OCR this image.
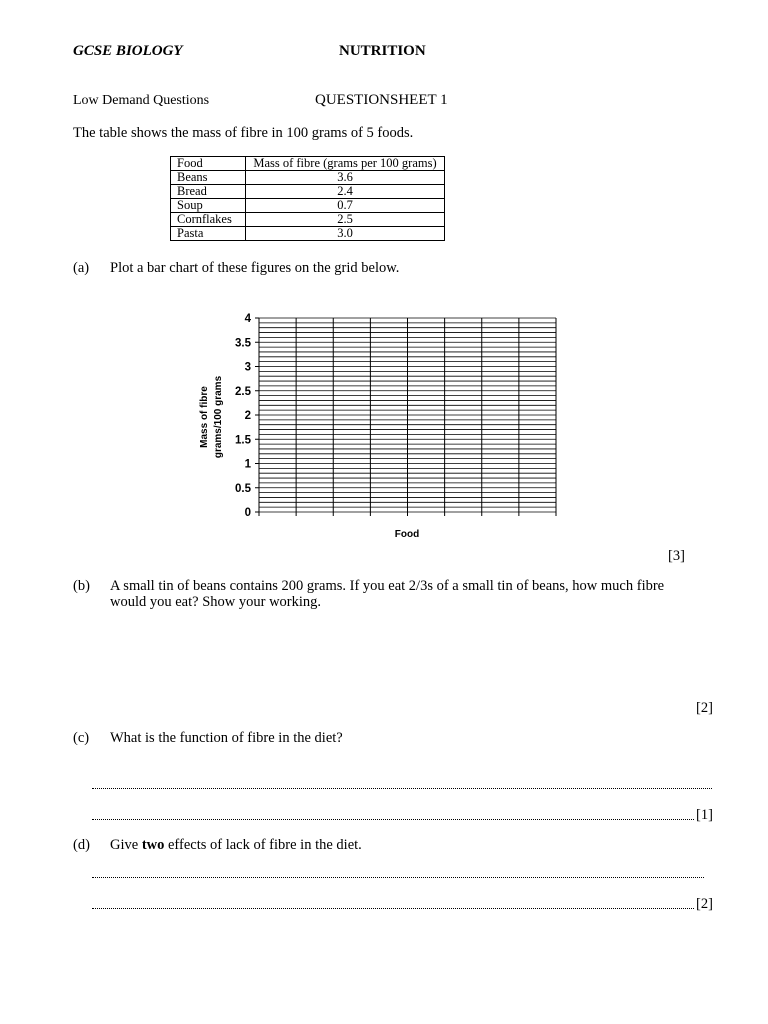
GCSE BIOLOGY	NUTRITION
Low Demand Questions	QUESTIONSHEET 1
The table shows the mass of fibre in 100 grams of 5 foods.
Food	Mass of fibre (grams per 100 grams)
Beans	3.6
Bread	2.4
Soup	0.7
Cornflakes	2.5
Pasta	3.0
(a) Plot a bar chart of these figures on the grid below.
0
0.5
1
1.5
2
2.5
3
3.5
4
Mass of fibre grams/100 grams
Food
[3]
(b) A small tin of beans contains 200 grams. If you eat 2/3s of a small tin of beans, how much fibre
would you eat? Show your working.
[2]
(c) What is the function of fibre in the diet?
[1]
(d) Give two effects of lack of fibre in the diet.
[2]
